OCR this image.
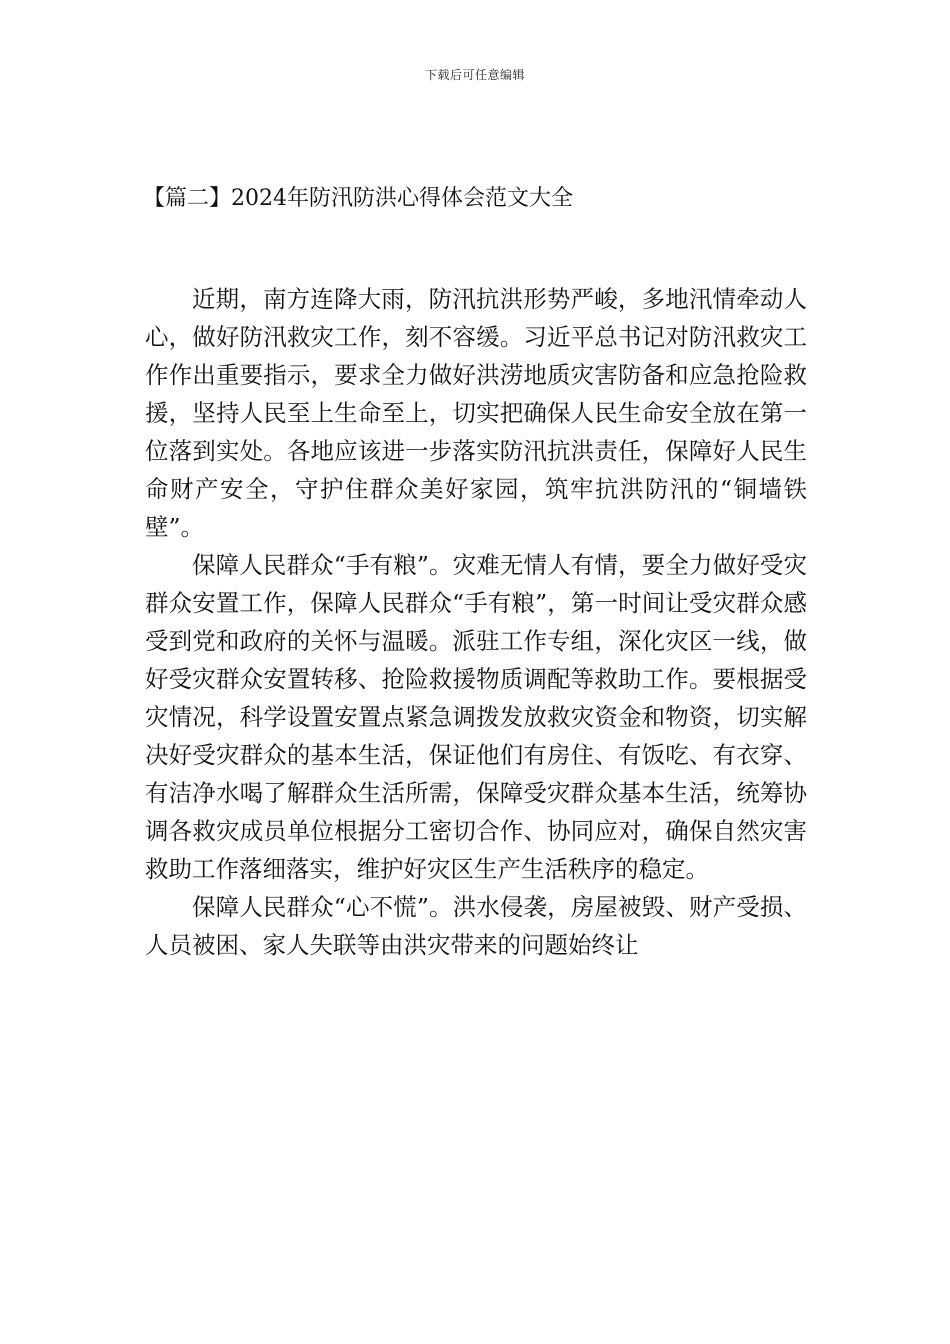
下载后可任意编辑
【篇二】2024年防汛防洪心得体会范文大全

近期，南方连降大雨，防汛抗洪形势严峻，多地汛情牵动人心，做好防汛救灾工作，刻不容缓。习近平总书记对防汛救灾工作作出重要指示，要求全力做好洪涝地质灾害防备和应急抢险救援，坚持人民至上生命至上，切实把确保人民生命安全放在第一位落到实处。各地应该进一步落实防汛抗洪责任，保障好人民生命财产安全，守护住群众美好家园，筑牢抗洪防汛的“铜墙铁壁”。

保障人民群众“手有粮”。灾难无情人有情，要全力做好受灾群众安置工作，保障人民群众“手有粮”，第一时间让受灾群众感受到党和政府的关怀与温暖。派驻工作专组，深化灾区一线，做好受灾群众安置转移、抢险救援物质调配等救助工作。要根据受灾情况，科学设置安置点紧急调拨发放救灾资金和物资，切实解决好受灾群众的基本生活，保证他们有房住、有饭吃、有衣穿、有洁净水喝了解群众生活所需，保障受灾群众基本生活，统筹协调各救灾成员单位根据分工密切合作、协同应对，确保自然灾害救助工作落细落实，维护好灾区生产生活秩序的稳定。

保障人民群众“心不慌”。洪水侵袭，房屋被毁、财产受损、人员被困、家人失联等由洪灾带来的问题始终让
